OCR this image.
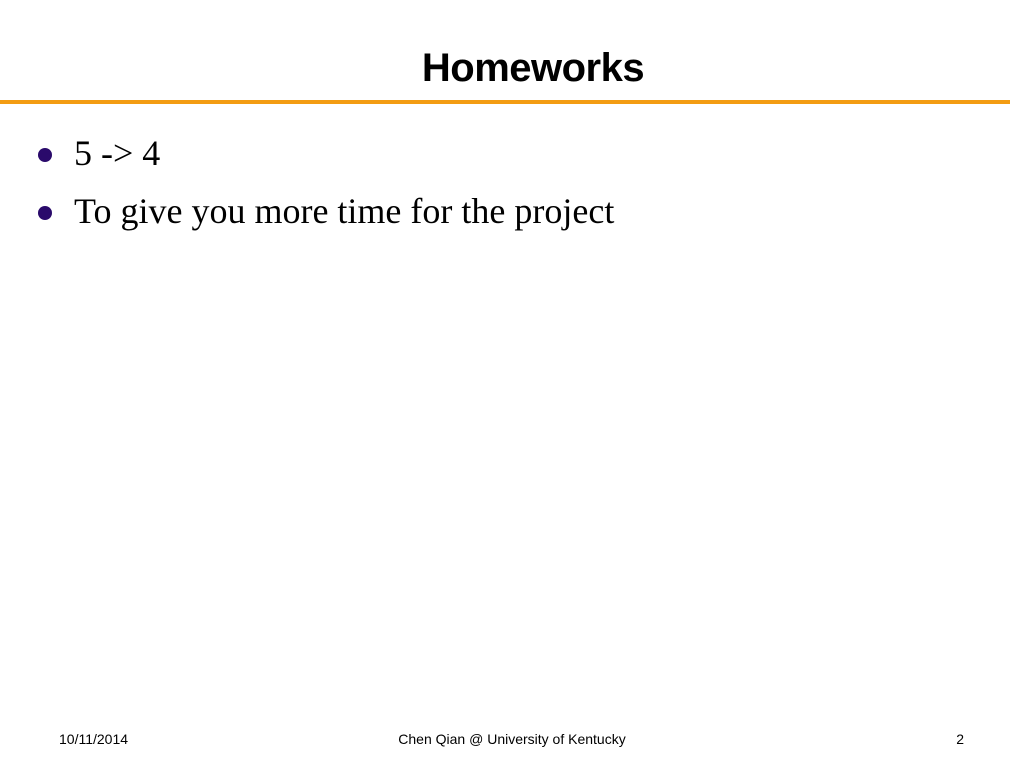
Homeworks
5 -> 4
To give you more time for the project
10/11/2014	Chen Qian @ University of Kentucky	2
